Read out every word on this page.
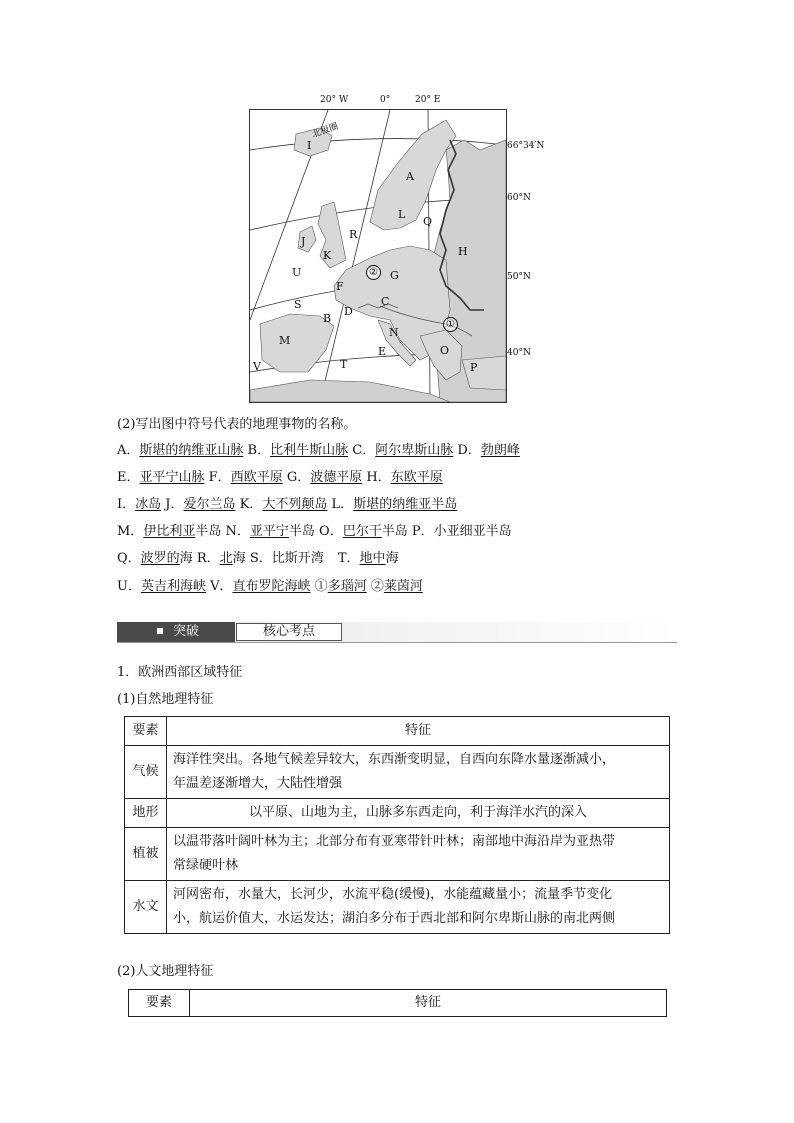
20° W	0°	20° E
66°34′N
60°N
50°N
40°N
北极圈
I
A
L
Q
H
J
R
K
U	G
F
S
B
D
C
M
N
E	O
V	T	P
②
①
(2)写出图中符号代表的地理事物的名称。
A．斯堪的纳维亚山脉 B．比利牛斯山脉 C．阿尔卑斯山脉 D．勃朗峰
E．亚平宁山脉 F．西欧平原 G．波德平原 H．东欧平原
I．冰岛 J．爱尔兰岛 K．大不列颠岛 L．斯堪的纳维亚半岛
M．伊比利亚半岛 N．亚平宁半岛 O．巴尔干半岛 P．小亚细亚半岛
Q．波罗的海 R．北海 S．比斯开湾 T．地中海
U．英吉利海峡 V．直布罗陀海峡 ①多瑙河 ②莱茵河
突破	核心考点
1．欧洲西部区域特征
(1)自然地理特征
要素	特征
气候	海洋性突出。各地气候差异较大，东西渐变明显，自西向东降水量逐渐减小，
年温差逐渐增大，大陆性增强

地形	以平原、山地为主，山脉多东西走向，利于海洋水汽的深入

植被	以温带落叶阔叶林为主；北部分布有亚寒带针叶林；南部地中海沿岸为亚热带
常绿硬叶林

水文	河网密布，水量大，长河少，水流平稳(缓慢)，水能蕴藏量小；流量季节变化
小，航运价值大，水运发达；湖泊多分布于西北部和阿尔卑斯山脉的南北两侧
(2)人文地理特征
要素	特征
